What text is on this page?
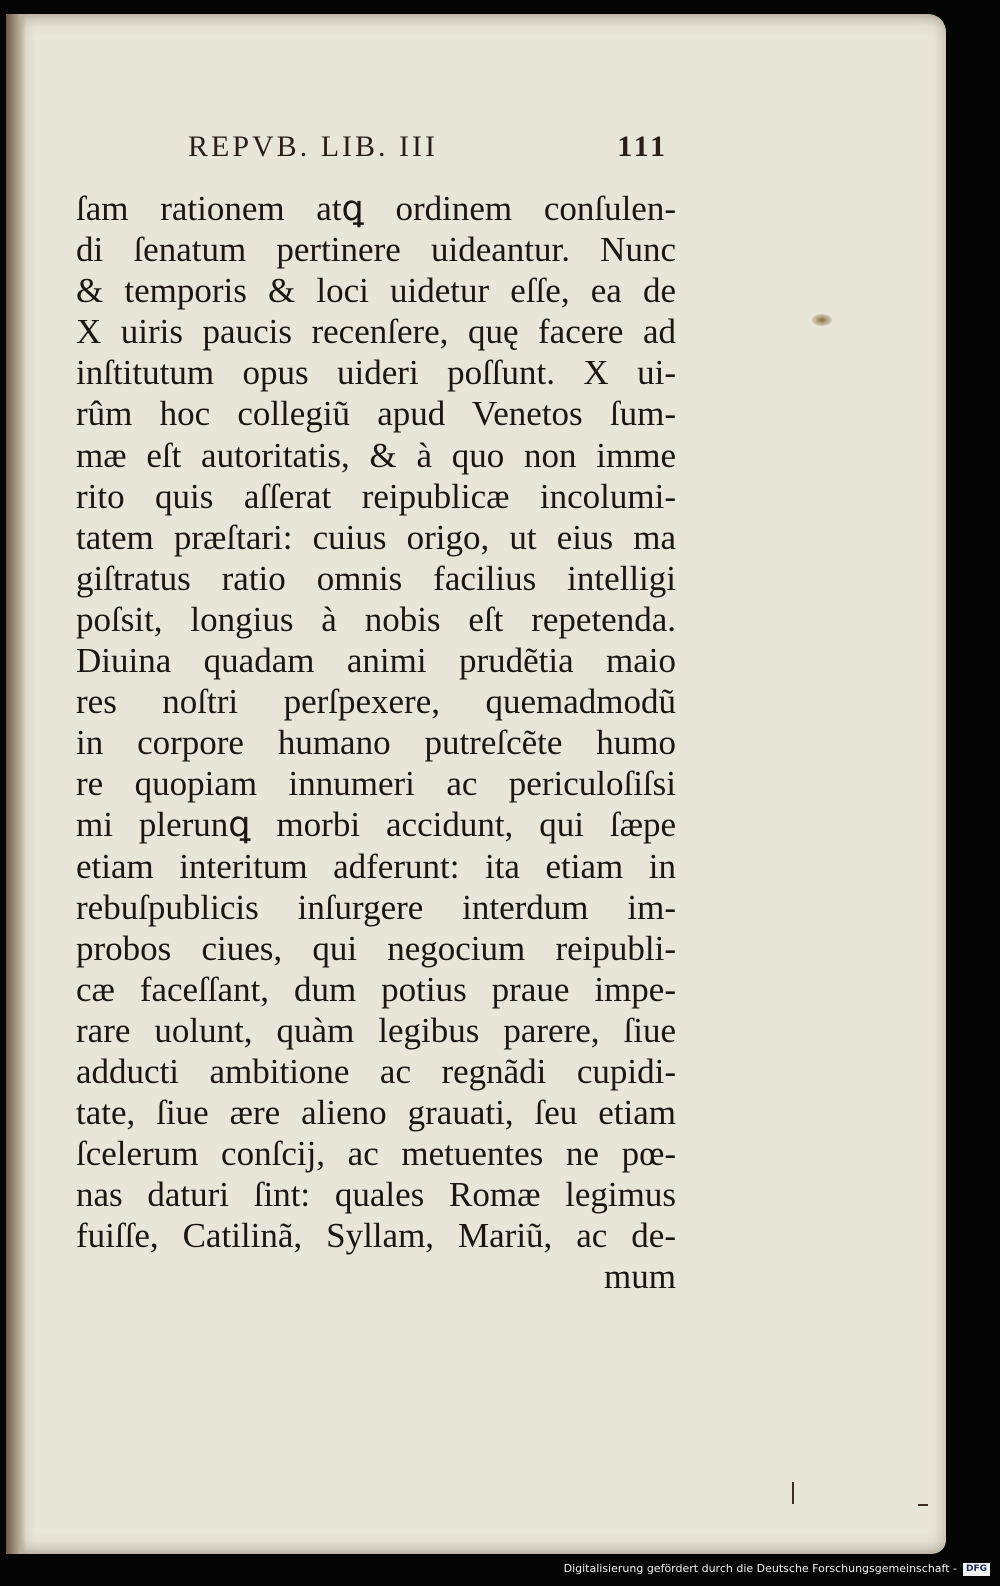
REPVB. LIB. III	111
ſam rationem atꝗ ordinem conſulen-
di ſenatum pertinere uideantur. Nunc
& temporis & loci uidetur eſſe, ea de
X uiris paucis recenſere, quę facere ad
inſtitutum opus uideri poſſunt. X ui-
rûm hoc collegiũ apud Venetos ſum-
mæ eſt autoritatis, & à quo non imme
rito quis aſſerat reipublicæ incolumi-
tatem præſtari: cuius origo, ut eius ma
giſtratus ratio omnis facilius intelligi
poſsit, longius à nobis eſt repetenda.
Diuina quadam animi prudẽtia maio
res noſtri perſpexere, quemadmodũ
in corpore humano putreſcẽte humo
re quopiam innumeri ac periculoſiſsi
mi plerunꝗ morbi accidunt, qui ſæpe
etiam interitum adferunt: ita etiam in
rebuſpublicis inſurgere interdum im-
probos ciues, qui negocium reipubli-
cæ faceſſant, dum potius praue impe-
rare uolunt, quàm legibus parere, ſiue
adducti ambitione ac regnãdi cupidi-
tate, ſiue ære alieno grauati, ſeu etiam
ſcelerum conſcij, ac metuentes ne pœ-
nas daturi ſint: quales Romæ legimus
fuiſſe, Catilinã, Syllam, Mariũ, ac de-
mum
Digitalisierung gefördert durch die Deutsche Forschungsgemeinschaft -	DFG
